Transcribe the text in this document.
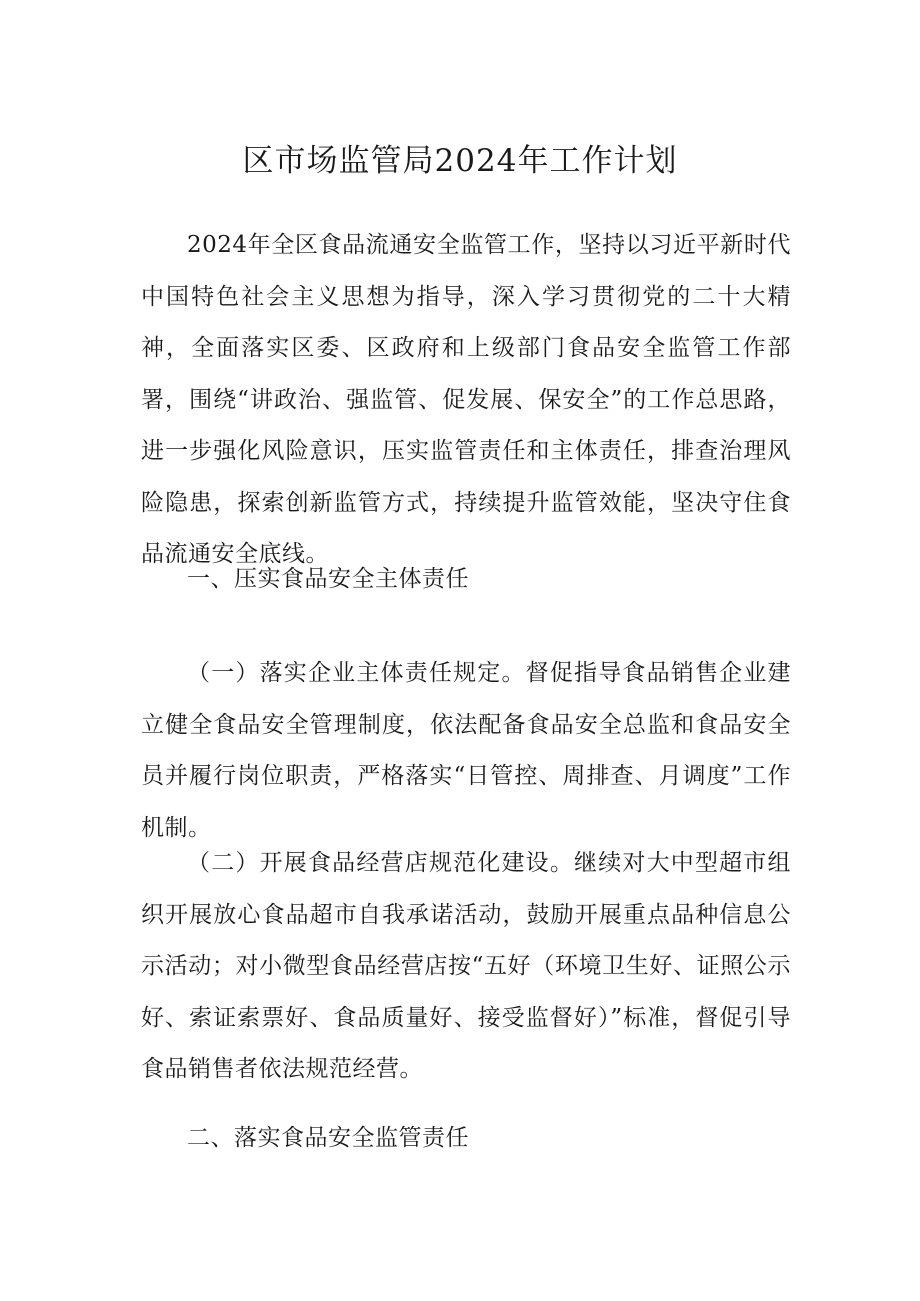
区市场监管局2024年工作计划

2024年全区食品流通安全监管工作，坚持以习近平新时代中国特色社会主义思想为指导，深入学习贯彻党的二十大精神，全面落实区委、区政府和上级部门食品安全监管工作部署，围绕“讲政治、强监管、促发展、保安全”的工作总思路，进一步强化风险意识，压实监管责任和主体责任，排查治理风险隐患，探索创新监管方式，持续提升监管效能，坚决守住食品流通安全底线。

一、压实食品安全主体责任

（一）落实企业主体责任规定。督促指导食品销售企业建立健全食品安全管理制度，依法配备食品安全总监和食品安全员并履行岗位职责，严格落实“日管控、周排查、月调度”工作机制。

（二）开展食品经营店规范化建设。继续对大中型超市组织开展放心食品超市自我承诺活动，鼓励开展重点品种信息公示活动；对小微型食品经营店按“五好（环境卫生好、证照公示好、索证索票好、食品质量好、接受监督好）”标准，督促引导食品销售者依法规范经营。

二、落实食品安全监管责任
